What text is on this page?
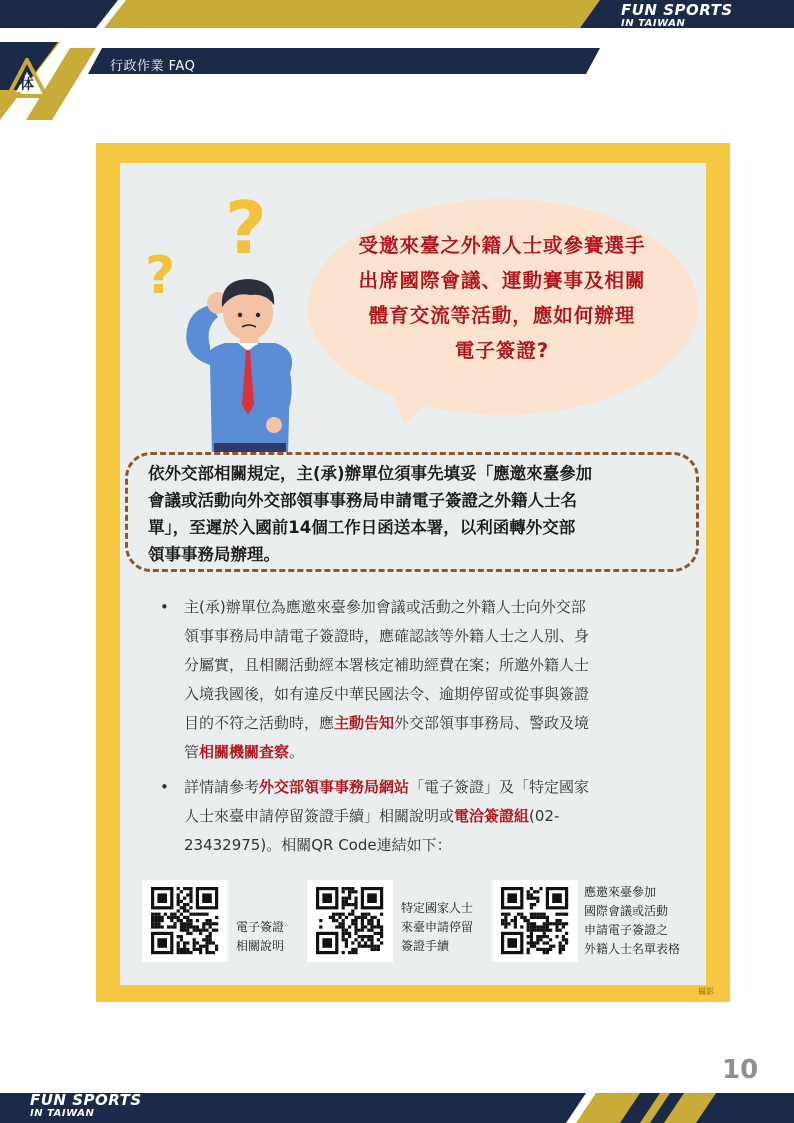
体
FUN SPORTS
IN TAIWAN
行政作業 FAQ
?
?
受邀來臺之外籍人士或參賽選手
出席國際會議、運動賽事及相關
體育交流等活動，應如何辦理
電子簽證?
依外交部相關規定，主(承)辦單位須事先填妥「應邀來臺參加
會議或活動向外交部領事事務局申請電子簽證之外籍人士名
單」，至遲於入國前14個工作日函送本署，以利函轉外交部
領事事務局辦理。
• 主(承)辦單位為應邀來臺參加會議或活動之外籍人士向外交部
領事事務局申請電子簽證時，應確認該等外籍人士之人別、身
分屬實，且相關活動經本署核定補助經費在案；所邀外籍人士
入境我國後，如有違反中華民國法令、逾期停留或從事與簽證
目的不符之活動時，應主動告知外交部領事事務局、警政及境
管相關機關查察。
• 詳情請參考外交部領事事務局網站「電子簽證」及「特定國家
人士來臺申請停留簽證手續」相關說明或電洽簽證組(02-
23432975)。相關QR Code連結如下：
電子簽證
相關說明
特定國家人士
來臺申請停留
簽證手續
應邀來臺參加
國際會議或活動
申請電子簽證之
外籍人士名單表格
攝影
10
FUN SPORTS
IN TAIWAN
